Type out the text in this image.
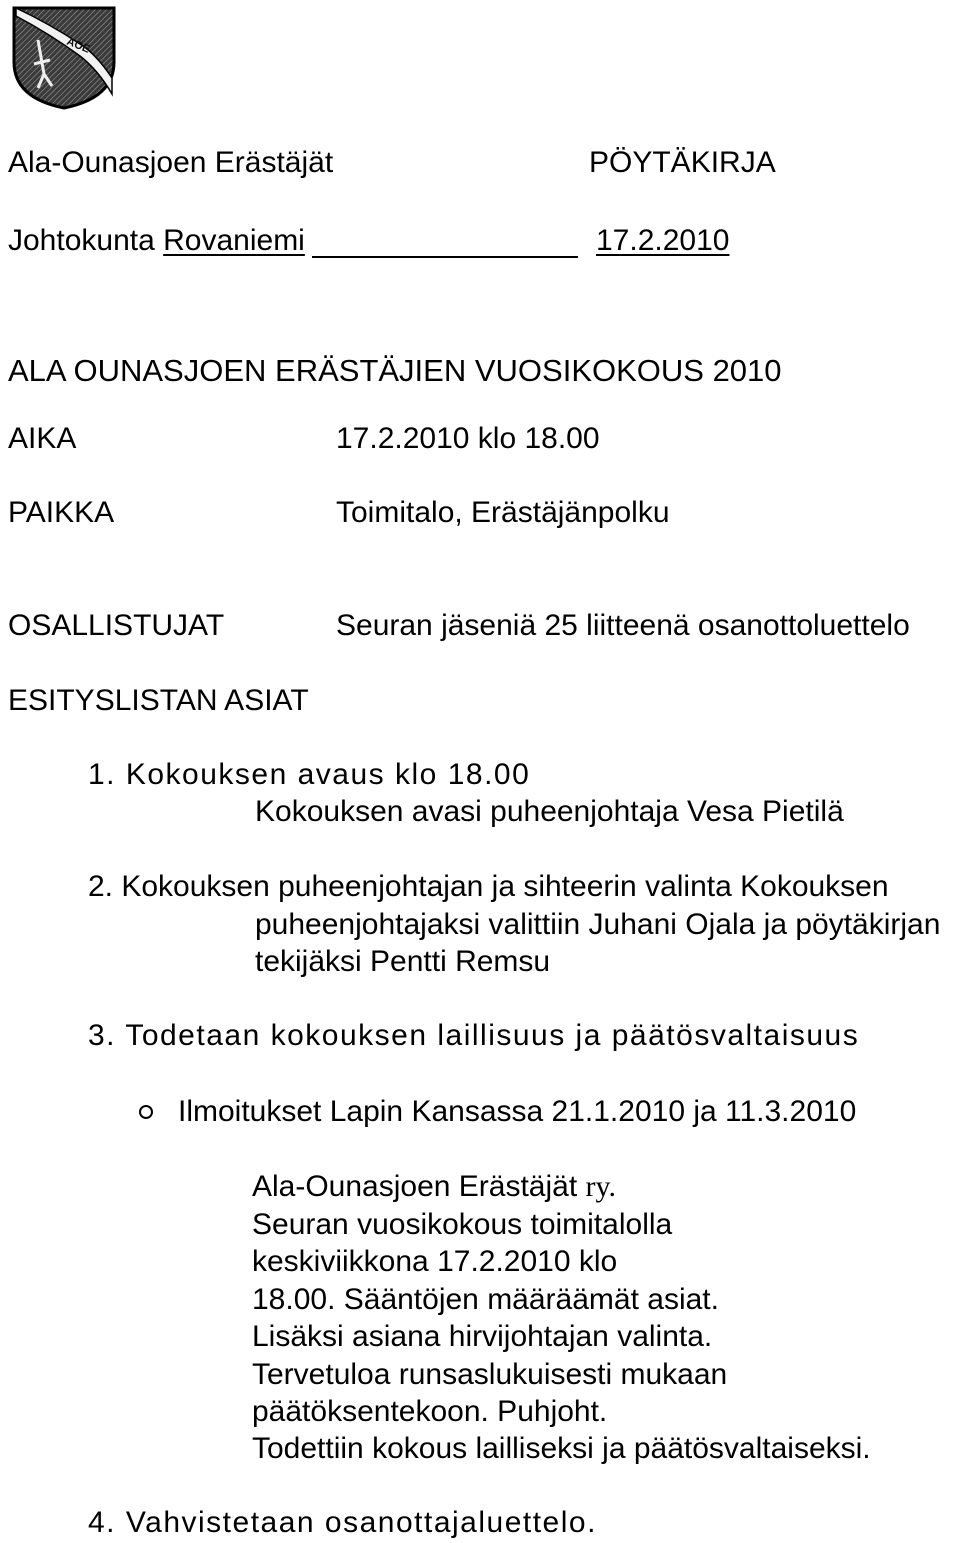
AOE
Ala-Ounasjoen Erästäjät	PÖYTÄKIRJA
Johtokunta Rovaniemi	17.2.2010
ALA OUNASJOEN ERÄSTÄJIEN VUOSIKOKOUS 2010
AIKA	17.2.2010 klo 18.00
PAIKKA	Toimitalo, Erästäjänpolku
OSALLISTUJAT	Seuran jäseniä 25 liitteenä osanottoluettelo
ESITYSLISTAN ASIAT
1. Kokouksen avaus klo 18.00
Kokouksen avasi puheenjohtaja Vesa Pietilä
2. Kokouksen puheenjohtajan ja sihteerin valinta Kokouksen
puheenjohtajaksi valittiin Juhani Ojala ja pöytäkirjan
tekijäksi Pentti Remsu
3. Todetaan kokouksen laillisuus ja päätösvaltaisuus
Ilmoitukset Lapin Kansassa 21.1.2010 ja 11.3.2010
Ala-Ounasjoen Erästäjät ry.
Seuran vuosikokous toimitalolla
keskiviikkona 17.2.2010 klo
18.00. Sääntöjen määräämät asiat.
Lisäksi asiana hirvijohtajan valinta.
Tervetuloa runsaslukuisesti mukaan
päätöksentekoon. Puhjoht.
Todettiin kokous lailliseksi ja päätösvaltaiseksi.
4. Vahvistetaan osanottajaluettelo.
